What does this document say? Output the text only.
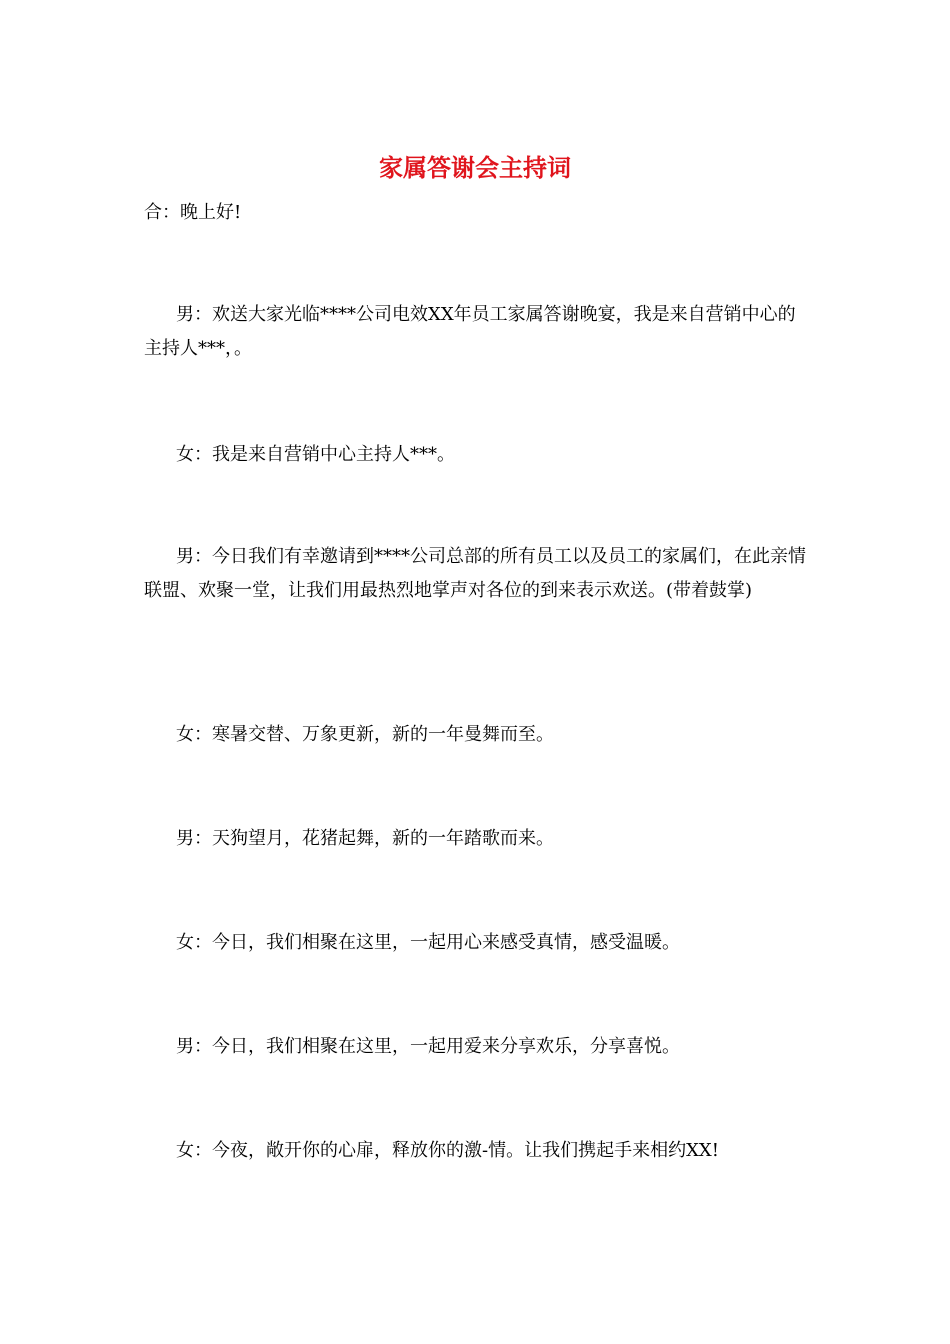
家属答谢会主持词

合：晚上好!

男：欢送大家光临****公司电效XX年员工家属答谢晚宴，我是来自营销中心的主持人***，。

女：我是来自营销中心主持人***。

男：今日我们有幸邀请到****公司总部的所有员工以及员工的家属们，在此亲情联盟、欢聚一堂，让我们用最热烈地掌声对各位的到来表示欢送。(带着鼓掌)

女：寒暑交替、万象更新，新的一年曼舞而至。

男：天狗望月，花猪起舞，新的一年踏歌而来。

女：今日，我们相聚在这里，一起用心来感受真情，感受温暖。

男：今日，我们相聚在这里，一起用爱来分享欢乐，分享喜悦。

女：今夜，敞开你的心扉，释放你的激-情。让我们携起手来相约XX!
